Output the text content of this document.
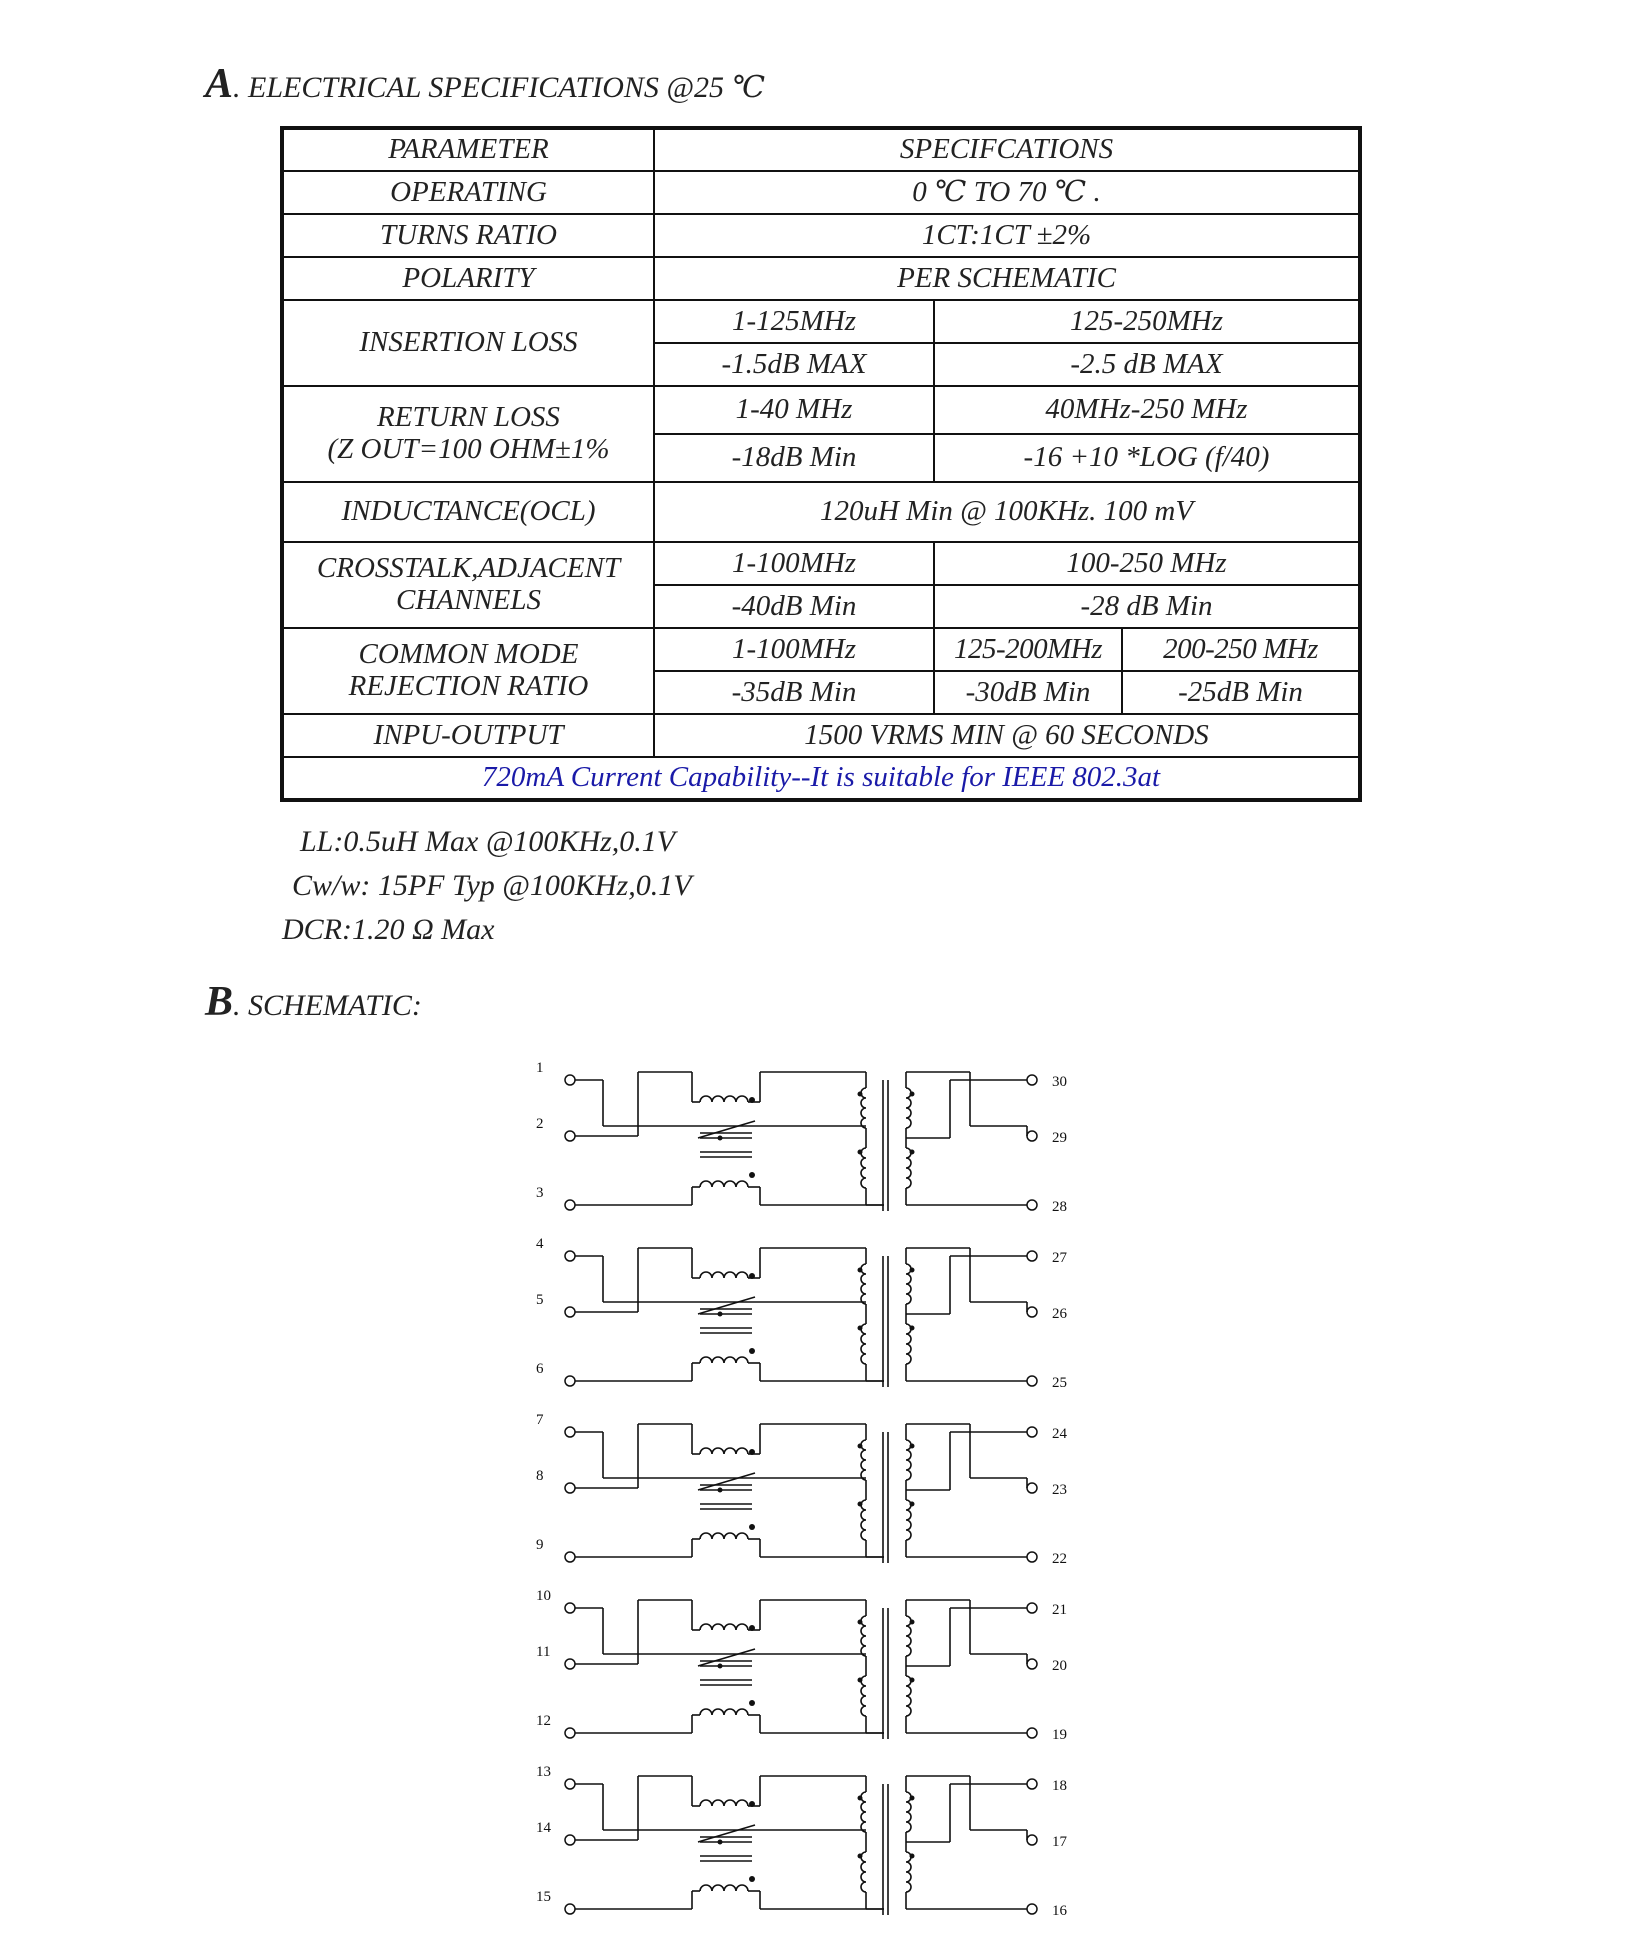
A. ELECTRICAL SPECIFICATIONS @25 ℃
PARAMETER	SPECIFCATIONS		
OPERATING	0 ℃ TO 70 ℃ .		
TURNS RATIO	1CT:1CT ±2%		
POLARITY	PER SCHEMATIC		
INSERTION LOSS	1-125MHz	125-250MHz	
	-1.5dB MAX	-2.5 dB MAX	

RETURN LOSS
(Z OUT=100 OHM±1%	1-40 MHz	40MHz-250 MHz	
	-18dB Min	-16 +10 *LOG (f/40)	
INDUCTANCE(OCL)	120uH Min @ 100KHz. 100 mV		

CROSSTALK,ADJACENT
CHANNELS	1-100MHz	100-250 MHz	
	-40dB Min	-28 dB Min	

COMMON MODE
REJECTION RATIO	1-100MHz	125-200MHz	200-250 MHz
	-35dB Min	-30dB Min	-25dB Min
INPU-OUTPUT	1500 VRMS MIN @ 60 SECONDS		
720mA Current Capability--It is suitable for IEEE 802.3at			
LL:0.5uH Max @100KHz,0.1V
Cw/w: 15PF Typ @100KHz,0.1V
DCR:1.20 Ω Max
B. SCHEMATIC:
1
30
2
29
3
28
4
27
5
26
6
25
7
24
8
23
9
22
10
21
11
20
12
19
13
18
14
17
15
16
